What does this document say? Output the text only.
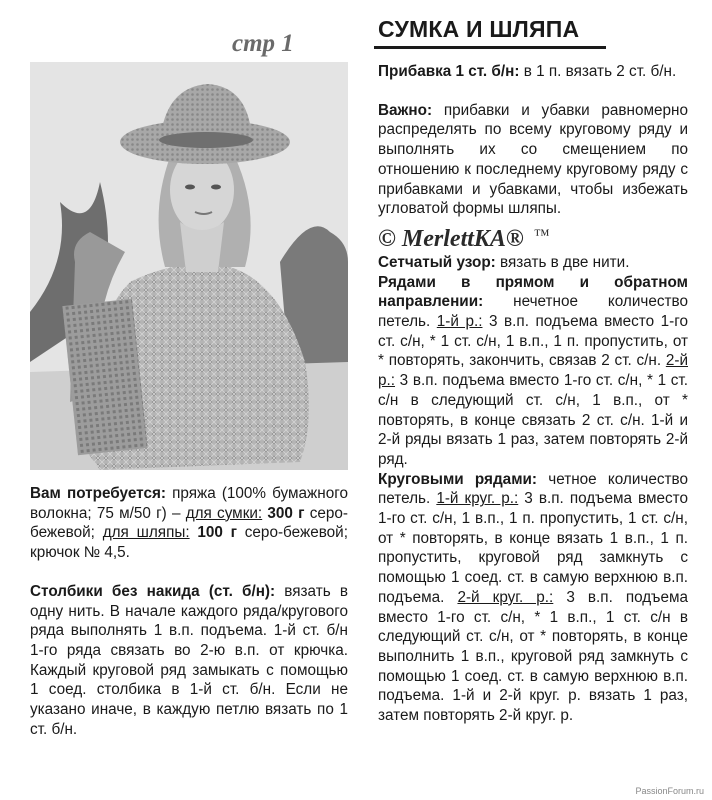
стр 1
СУМКА И ШЛЯПА

Вам потребуется: пряжа (100% бумажного волокна; 75 м/50 г) – для сумки: 300 г серо-бежевой; для шляпы: 100 г серо-бежевой; крючок № 4,5.

Столбики без накида (ст. б/н): вязать в одну нить. В начале каждого ряда/кругового ряда выполнять 1 в.п. подъема. 1-й ст. б/н 1-го ряда связать во 2-ю в.п. от крючка. Каждый круговой ряд замыкать с помощью 1 соед. столбика в 1-й ст. б/н. Если не указано иначе, в каждую петлю вязать по 1 ст. б/н.

Прибавка 1 ст. б/н: в 1 п. вязать 2 ст. б/н.

Важно: прибавки и убавки равномерно распределять по всему круговому ряду и выполнять их со смещением по отношению к последнему круговому ряду с прибавками и убавками, чтобы избежать угловатой формы шляпы.

© MerlettKA® ™

Сетчатый узор: вязать в две нити.

Рядами в прямом и обратном направлении: нечетное количество петель. 1-й р.: 3 в.п. подъема вместо 1-го ст. с/н, * 1 ст. с/н, 1 в.п., 1 п. пропустить, от * повторять, закончить, связав 2 ст. с/н. 2-й р.: 3 в.п. подъема вместо 1-го ст. с/н, * 1 ст. с/н в следующий ст. с/н, 1 в.п., от * повторять, в конце связать 2 ст. с/н. 1-й и 2-й ряды вязать 1 раз, затем повторять 2-й ряд.

Круговыми рядами: четное количество петель. 1-й круг. р.: 3 в.п. подъема вместо 1-го ст. с/н, 1 в.п., 1 п. пропустить, 1 ст. с/н, от * повторять, в конце вязать 1 в.п., 1 п. пропустить, круговой ряд замкнуть с помощью 1 соед. ст. в самую верхнюю в.п. подъема. 2-й круг. р.: 3 в.п. подъема вместо 1-го ст. с/н, * 1 в.п., 1 ст. с/н в следующий ст. с/н, от * повторять, в конце выполнить 1 в.п., круговой ряд замкнуть с помощью 1 соед. ст. в самую верхнюю в.п. подъема. 1-й и 2-й круг. р. вязать 1 раз, затем повторять 2-й круг. р.

PassionForum.ru
